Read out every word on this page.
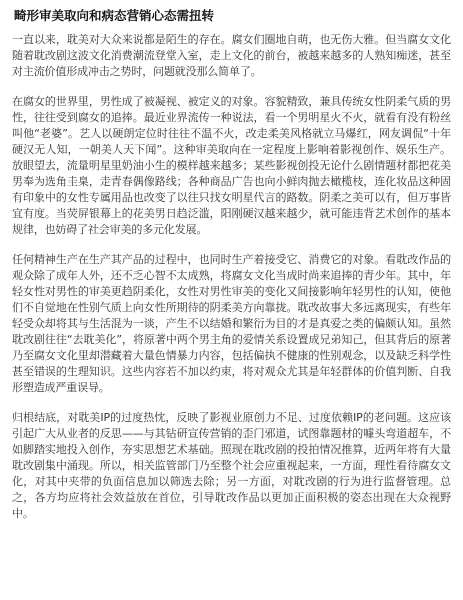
畸形审美取向和病态营销心态需扭转

一直以来，耽美对大众来说都是陌生的存在。腐女们圈地自萌，也无伤大雅。但当腐女文化随着耽改剧这波文化消费潮流登堂入室，走上文化的前台，被越来越多的人熟知痴迷，甚至对主流价值形成冲击之势时，问题就没那么简单了。

在腐女的世界里，男性成了被凝视、被定义的对象。容貌精致，兼具传统女性阴柔气质的男性，往往受到腐女的追捧。最近业界流传一种说法，看一个男明星火不火，就看有没有粉丝叫他“老婆”。艺人以硬朗定位时往往不温不火，改走柔美风格就立马爆红，网友调侃“十年硬汉无人知，一朝美人天下闻”。这种审美取向在一定程度上影响着影视创作、娱乐生产。放眼望去，流量明星里奶油小生的模样越来越多；某些影视创投无论什么剧情题材都把花美男奉为选角圭臬，走青春偶像路线；各种商品广告也向小鲜肉抛去橄榄枝，连化妆品这种固有印象中的女性专属用品也改变了以往只找女明星代言的路数。阴柔之美可以有，但万事皆宜有度。当荧屏银幕上的花美男日趋泛滥，阳刚硬汉越来越少，就可能违背艺术创作的基本规律，也妨碍了社会审美的多元化发展。

任何精神生产在生产其产品的过程中，也同时生产着接受它、消费它的对象。看耽改作品的观众除了成年人外，还不乏心智不太成熟，将腐女文化当成时尚来追捧的青少年。其中，年轻女性对男性的审美更趋阴柔化，女性对男性审美的变化又间接影响年轻男性的认知，使他们不自觉地在性别气质上向女性所期待的阴柔美方向靠拢。耽改故事大多远离现实，有些年轻受众却将其与生活混为一谈，产生不以结婚和繁衍为目的才是真爱之类的偏颇认知。虽然耽改剧往往“去耽美化”，将原著中两个男主角的爱情关系设置成兄弟知己，但其背后的原著乃至腐女文化里却潜藏着大量色情暴力内容，包括偏执不健康的性别观念，以及缺乏科学性甚至错误的生理知识。这些内容若不加以约束，将对观众尤其是年轻群体的价值判断、自我形塑造成严重误导。

归根结底，对耽美IP的过度热忱，反映了影视业原创力不足、过度依赖IP的老问题。这应该引起广大从业者的反思——与其钻研宣传营销的歪门邪道，试图靠题材的噱头弯道超车，不如脚踏实地投入创作，夯实思想艺术基础。照现在耽改剧的投拍情况推算，近两年将有大量耽改剧集中涌现。所以，相关监管部门乃至整个社会应重视起来，一方面，理性看待腐女文化，对其中夹带的负面信息加以筛选去除；另一方面，对耽改剧的行为进行监督管理。总之，各方均应将社会效益放在首位，引导耽改作品以更加正面积极的姿态出现在大众视野中。
